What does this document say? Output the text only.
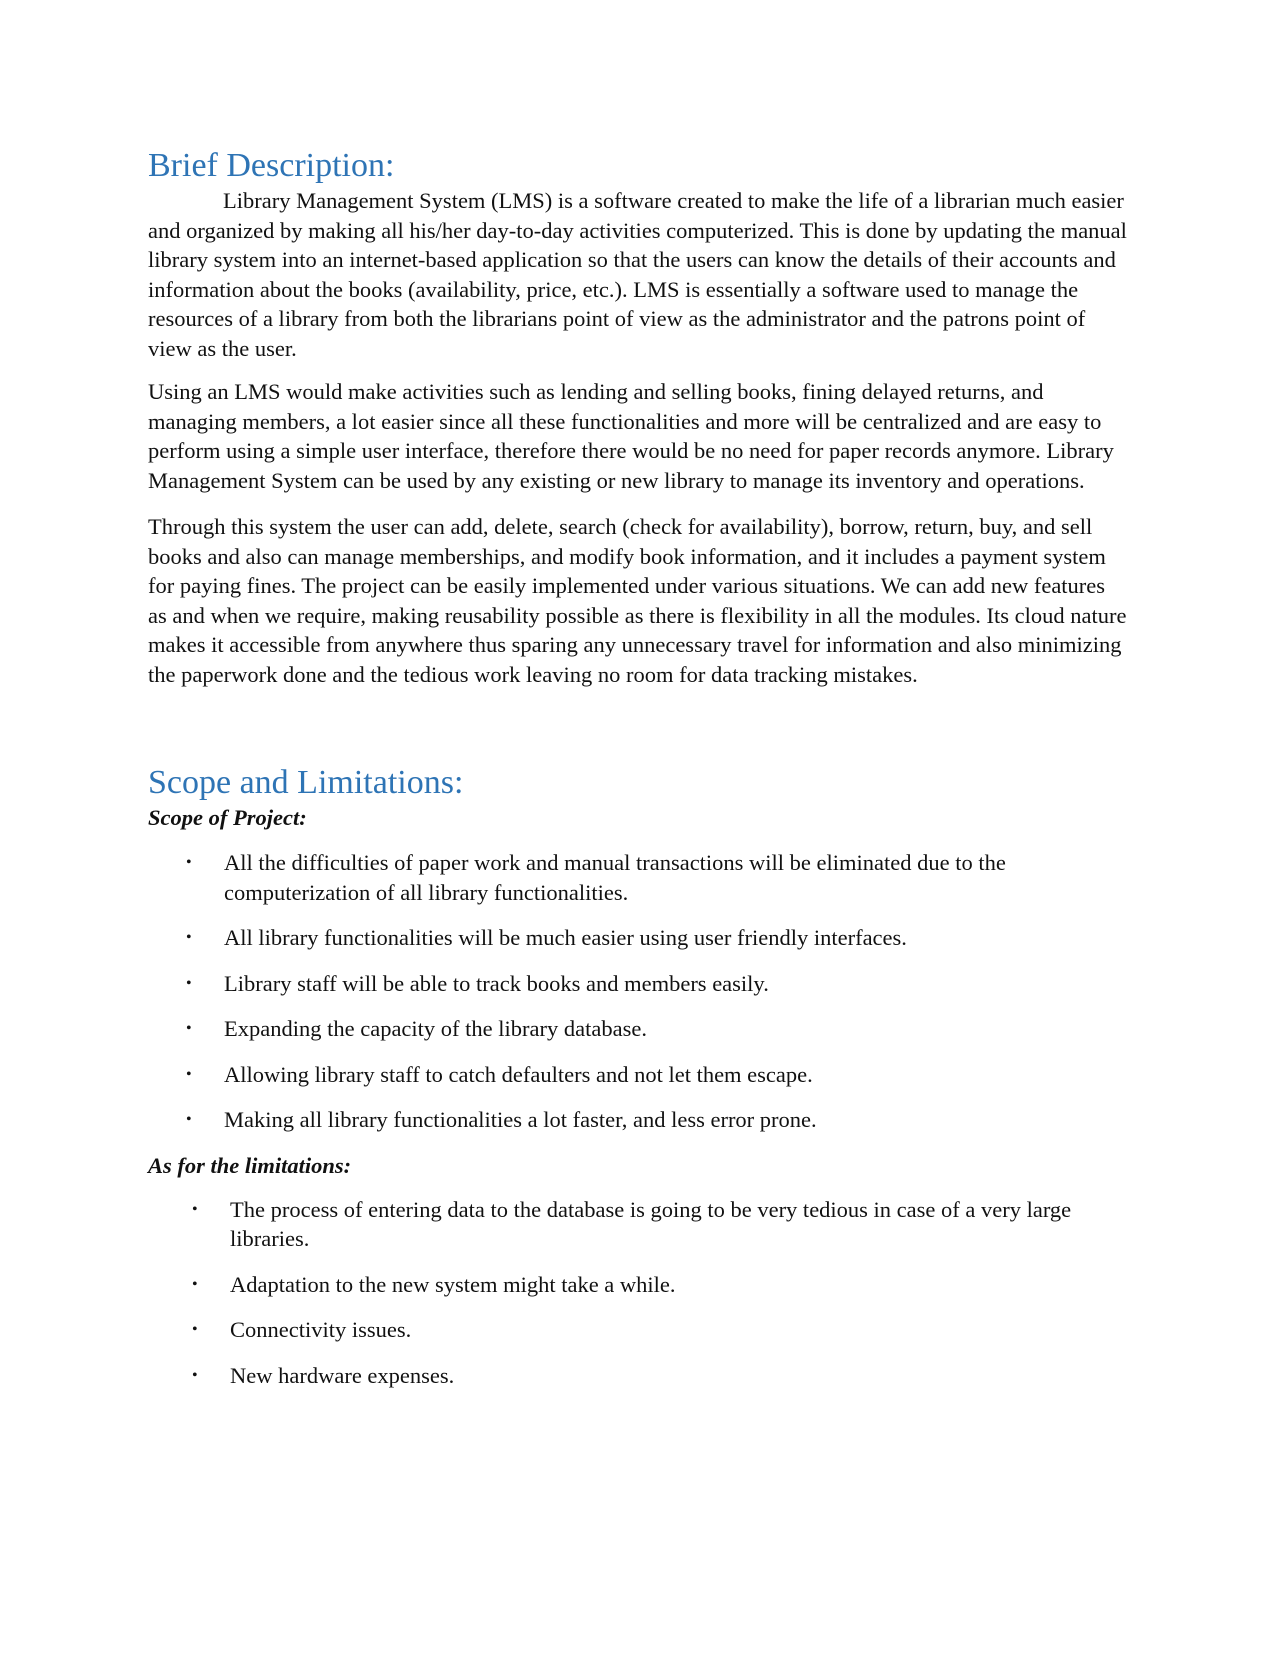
Brief Description:

Library Management System (LMS) is a software created to make the life of a librarian much easier and organized by making all his/her day-to-day activities computerized. This is done by updating the manual library system into an internet-based application so that the users can know the details of their accounts and information about the books (availability, price, etc.). LMS is essentially a software used to manage the resources of a library from both the librarians point of view as the administrator and the patrons point of view as the user.

Using an LMS would make activities such as lending and selling books, fining delayed returns, and managing members, a lot easier since all these functionalities and more will be centralized and are easy to perform using a simple user interface, therefore there would be no need for paper records anymore. Library Management System can be used by any existing or new library to manage its inventory and operations.

Through this system the user can add, delete, search (check for availability), borrow, return, buy, and sell books and also can manage memberships, and modify book information, and it includes a payment system for paying fines. The project can be easily implemented under various situations. We can add new features as and when we require, making reusability possible as there is flexibility in all the modules. Its cloud nature makes it accessible from anywhere thus sparing any unnecessary travel for information and also minimizing the paperwork done and the tedious work leaving no room for data tracking mistakes.

Scope and Limitations:

Scope of Project:

• All the difficulties of paper work and manual transactions will be eliminated due to the computerization of all library functionalities.
• All library functionalities will be much easier using user friendly interfaces.
• Library staff will be able to track books and members easily.
• Expanding the capacity of the library database.
• Allowing library staff to catch defaulters and not let them escape.
• Making all library functionalities a lot faster, and less error prone.

As for the limitations:

• The process of entering data to the database is going to be very tedious in case of a very large libraries.
• Adaptation to the new system might take a while.
• Connectivity issues.
• New hardware expenses.
